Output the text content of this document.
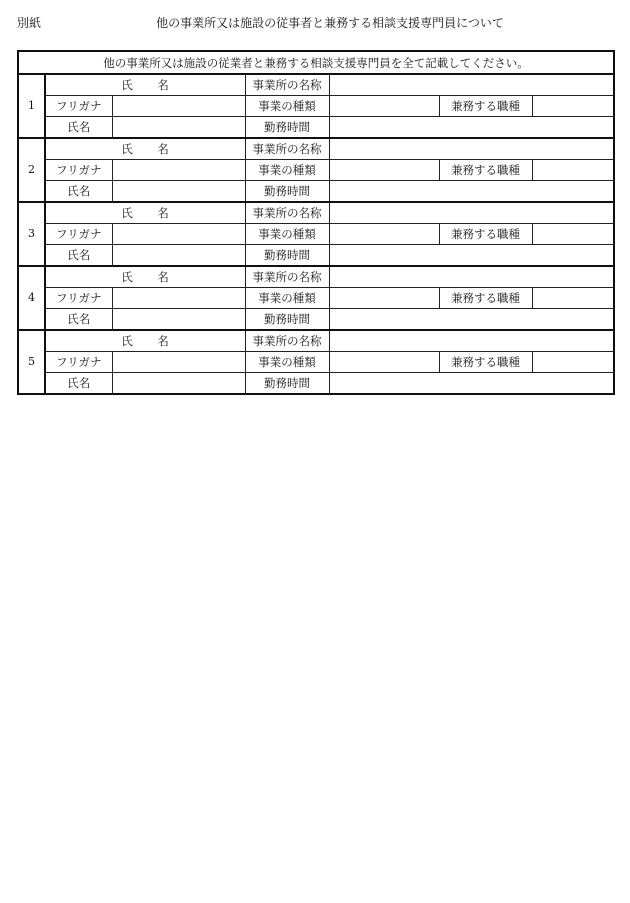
別紙	他の事業所又は施設の従事者と兼務する相談支援専門員について
他の事業所又は施設の従業者と兼務する相談支援専門員を全て記載してください。						
1	氏　　名		事業所の名称			
	フリガナ		事業の種類		兼務する職種	
	氏名		勤務時間			
2	氏　　名		事業所の名称			
	フリガナ		事業の種類		兼務する職種	
	氏名		勤務時間			
3	氏　　名		事業所の名称			
	フリガナ		事業の種類		兼務する職種	
	氏名		勤務時間			
4	氏　　名		事業所の名称			
	フリガナ		事業の種類		兼務する職種	
	氏名		勤務時間			
5	氏　　名		事業所の名称			
	フリガナ		事業の種類		兼務する職種	
	氏名		勤務時間			
